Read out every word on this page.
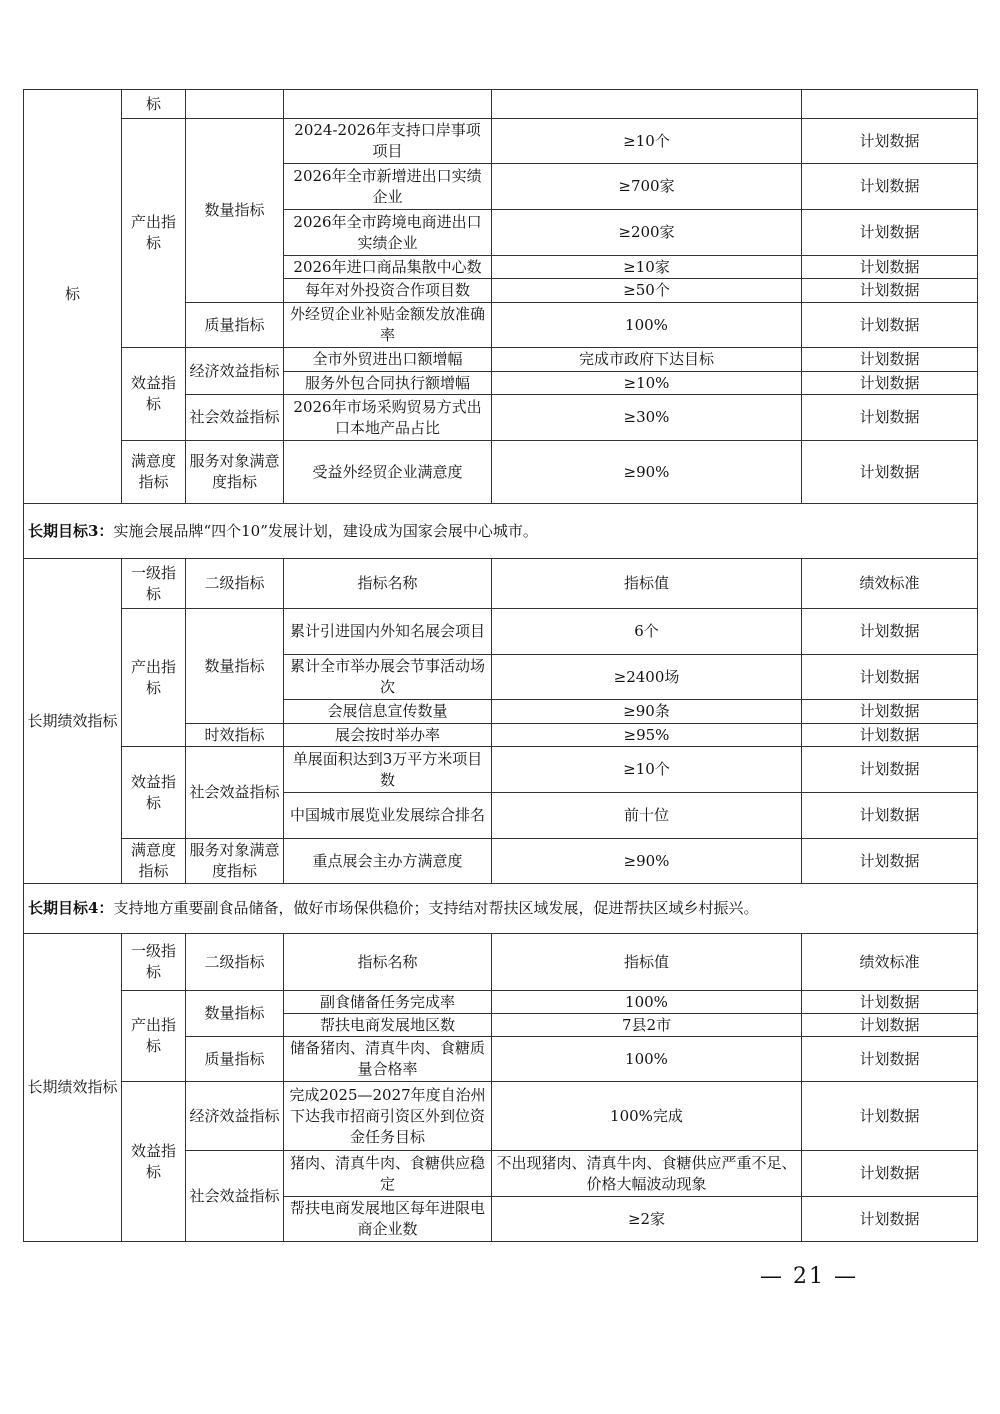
标	标				
	产出指标	数量指标	2024-2026年支持口岸事项项目	≥10个	计划数据
			2026年全市新增进出口实绩企业	≥700家	计划数据
			2026年全市跨境电商进出口实绩企业	≥200家	计划数据
			2026年进口商品集散中心数	≥10家	计划数据
			每年对外投资合作项目数	≥50个	计划数据
		质量指标	外经贸企业补贴金额发放准确率	100%	计划数据
	效益指标	经济效益指标	全市外贸进出口额增幅	完成市政府下达目标	计划数据
			服务外包合同执行额增幅	≥10%	计划数据
		社会效益指标	2026年市场采购贸易方式出口本地产品占比	≥30%	计划数据
	满意度指标	服务对象满意度指标	受益外经贸企业满意度	≥90%	计划数据
长期目标3：实施会展品牌“四个10”发展计划，建设成为国家会展中心城市。					
长期绩效指标	一级指标	二级指标	指标名称	指标值	绩效标准
	产出指标	数量指标	累计引进国内外知名展会项目	6个	计划数据
			累计全市举办展会节事活动场次	≥2400场	计划数据
			会展信息宣传数量	≥90条	计划数据
		时效指标	展会按时举办率	≥95%	计划数据
	效益指标	社会效益指标	单展面积达到3万平方米项目数	≥10个	计划数据
			中国城市展览业发展综合排名	前十位	计划数据
	满意度指标	服务对象满意度指标	重点展会主办方满意度	≥90%	计划数据
长期目标4：支持地方重要副食品储备，做好市场保供稳价；支持结对帮扶区域发展，促进帮扶区域乡村振兴。					
长期绩效指标	一级指标	二级指标	指标名称	指标值	绩效标准
	产出指标	数量指标	副食储备任务完成率	100%	计划数据
			帮扶电商发展地区数	7县2市	计划数据
		质量指标	储备猪肉、清真牛肉、食糖质量合格率	100%	计划数据
	效益指标	经济效益指标	完成2025—2027年度自治州下达我市招商引资区外到位资金任务目标	100%完成	计划数据
		社会效益指标	猪肉、清真牛肉、食糖供应稳定	不出现猪肉、清真牛肉、食糖供应严重不足、价格大幅波动现象	计划数据
			帮扶电商发展地区每年进限电商企业数	≥2家	计划数据
— 21 —
